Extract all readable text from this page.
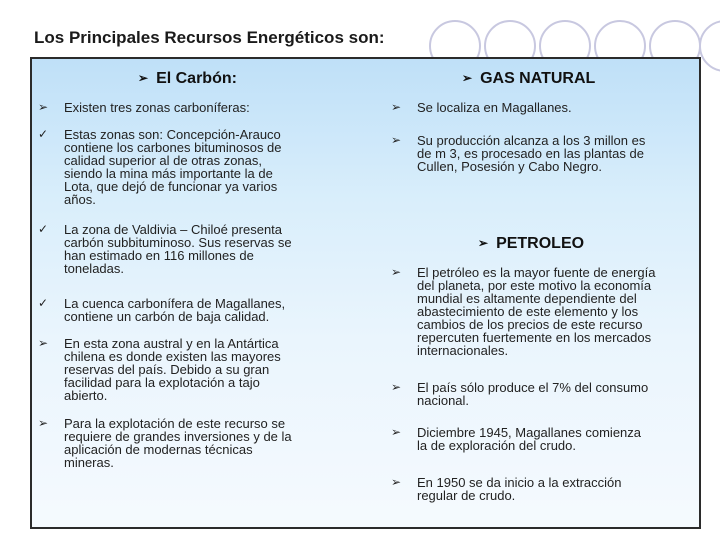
Los Principales Recursos Energéticos son:
➢ El Carbón:	➢ GAS NATURAL
➢ PETROLEO
➢ Existen tres zonas carboníferas:
✓ Estas zonas son: Concepción-Arauco
contiene los carbones bituminosos de
calidad superior al de otras zonas,
siendo la mina más importante la de
Lota, que dejó de funcionar ya varios
años.
✓ La zona de Valdivia – Chiloé presenta
carbón subbituminoso. Sus reservas se
han estimado en 116 millones de
toneladas.
✓ La cuenca carbonífera de Magallanes,
contiene un carbón de baja calidad.
➢ En esta zona austral y en la Antártica
chilena es donde existen las mayores
reservas del país. Debido a su gran
facilidad para la explotación a tajo
abierto.
➢ Para la explotación de este recurso se
requiere de grandes inversiones y de la
aplicación de modernas técnicas
mineras.
➢ Se localiza en Magallanes.
➢ Su producción alcanza a los 3 millon es
de m 3, es procesado en las plantas de
Cullen, Posesión y Cabo Negro.
➢ El petróleo es la mayor fuente de energía
del planeta, por este motivo la economía
mundial es altamente dependiente del
abastecimiento de este elemento y los
cambios de los precios de este recurso
repercuten fuertemente en los mercados
internacionales.
➢ El país sólo produce el 7% del consumo
nacional.
➢ Diciembre 1945, Magallanes comienza
la de exploración del crudo.
➢ En 1950 se da inicio a la extracción
regular de crudo.
